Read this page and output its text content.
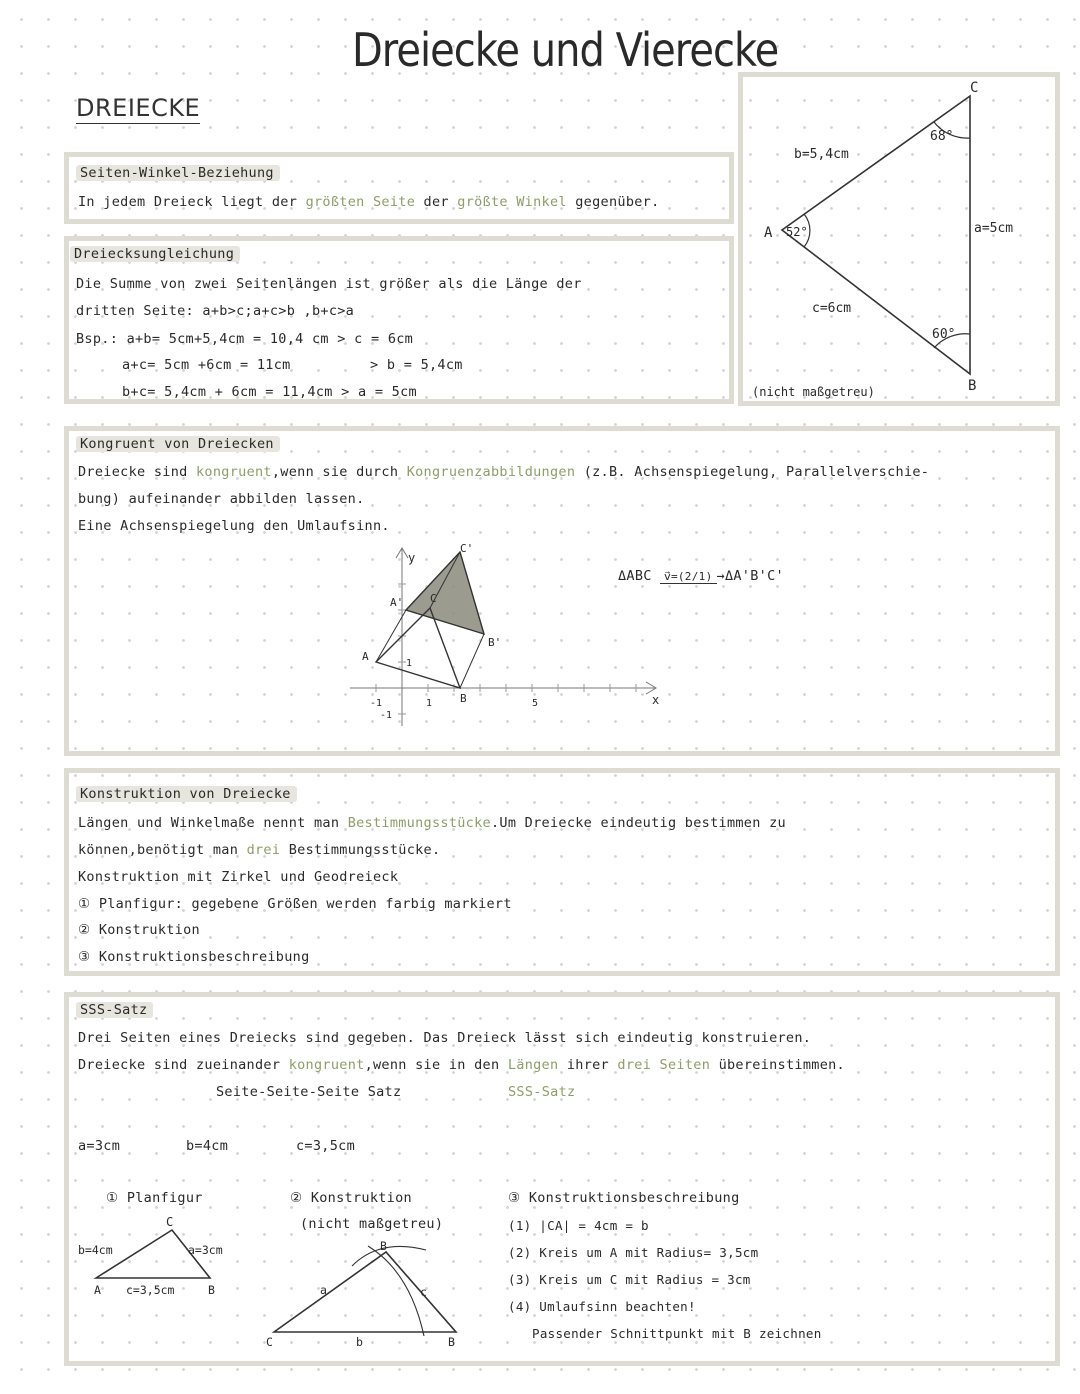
Dreiecke und Vierecke
DREIECKE
Seiten-Winkel-Beziehung
In jedem Dreieck liegt der größten Seite der größte Winkel gegenüber.
Dreiecksungleichung
Die Summe von zwei Seitenlängen ist größer als die Länge der
dritten Seite: a+b>c;a+c>b ,b+c>a
Bsp.: a+b= 5cm+5,4cm = 10,4 cm > c = 6cm
a+c= 5cm +6cm = 11cm	> b = 5,4cm
b+c= 5,4cm + 6cm = 11,4cm > a = 5cm
A
C
B
52°
68°
60°
b=5,4cm
a=5cm
c=6cm
(nicht maßgetreu)
Kongruent von Dreiecken
Dreiecke sind kongruent,wenn sie durch Kongruenzabbildungen (z.B. Achsenspiegelung, Parallelverschie-
bung) aufeinander abbilden lassen.
Eine Achsenspiegelung den Umlaufsinn.
ΔABC v⃗=(2/1) →ΔA'B'C'
y
x
-1	1	5
-1
1
A
B
C
A'
B'
C'
Konstruktion von Dreiecke
Längen und Winkelmaße nennt man Bestimmungsstücke.Um Dreiecke eindeutig bestimmen zu
können,benötigt man drei Bestimmungsstücke.
Konstruktion mit Zirkel und Geodreieck
① Planfigur: gegebene Größen werden farbig markiert
② Konstruktion
③ Konstruktionsbeschreibung
SSS-Satz
Drei Seiten eines Dreiecks sind gegeben. Das Dreieck lässt sich eindeutig konstruieren.
Dreiecke sind zueinander kongruent,wenn sie in den Längen ihrer drei Seiten übereinstimmen.
Seite-Seite-Seite Satz	SSS-Satz
a=3cm	b=4cm	c=3,5cm
① Planfigur
C
b=4cm	a=3cm
A c=3,5cm	B
② Konstruktion
(nicht maßgetreu)
B
a	c
C	b	B
③ Konstruktionsbeschreibung
(1) |CA| = 4cm = b
(2) Kreis um A mit Radius= 3,5cm
(3) Kreis um C mit Radius = 3cm
(4) Umlaufsinn beachten!
Passender Schnittpunkt mit B zeichnen
